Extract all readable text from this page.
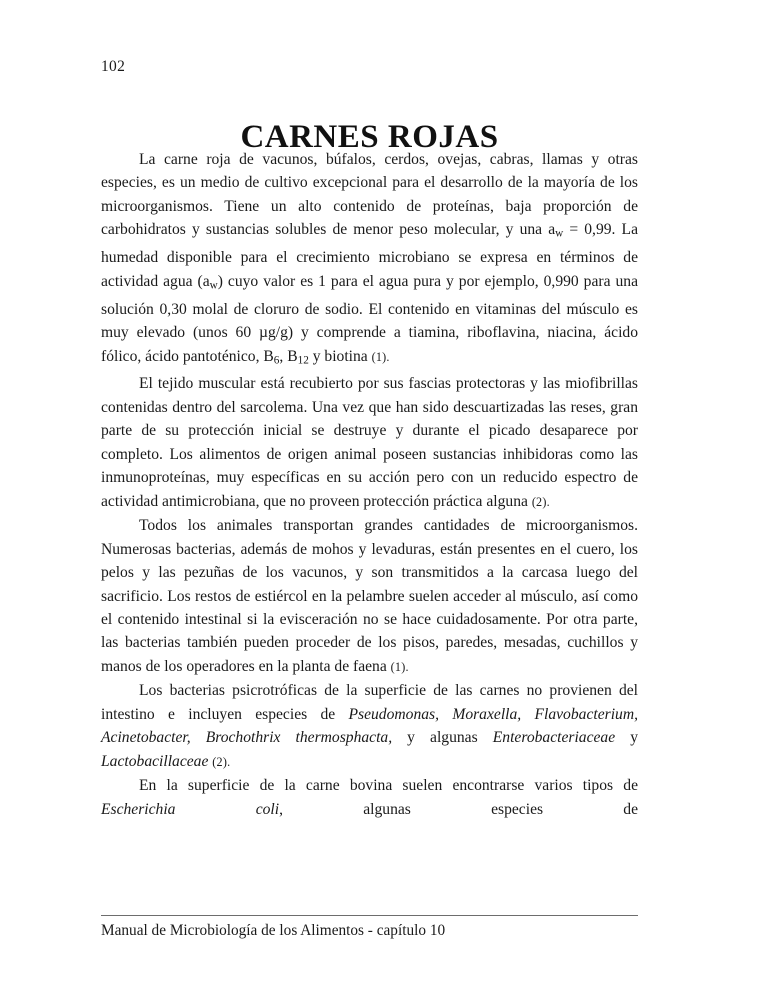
102
CARNES ROJAS

La carne roja de vacunos, búfalos, cerdos, ovejas, cabras, llamas y otras especies, es un medio de cultivo excepcional para el desarrollo de la mayoría de los microorganismos. Tiene un alto contenido de proteínas, baja proporción de carbohidratos y sustancias solubles de menor peso molecular, y una $a_w = 0,99$. La humedad disponible para el crecimiento microbiano se expresa en términos de actividad agua $(a_w)$ cuyo valor es 1 para el agua pura y por ejemplo, 0,990 para una solución 0,30 molal de cloruro de sodio. El contenido en vitaminas del músculo es muy elevado (unos 60 µg/g) y comprende a tiamina, riboflavina, niacina, ácido fólico, ácido pantoténico, $B_6$, $B_{12}$ y biotina (1).

El tejido muscular está recubierto por sus fascias protectoras y las miofibrillas contenidas dentro del sarcolema. Una vez que han sido descuartizadas las reses, gran parte de su protección inicial se destruye y durante el picado desaparece por completo. Los alimentos de origen animal poseen sustancias inhibidoras como las inmunoproteínas, muy específicas en su acción pero con un reducido espectro de actividad antimicrobiana, que no proveen protección práctica alguna (2).

Todos los animales transportan grandes cantidades de microorganismos. Numerosas bacterias, además de mohos y levaduras, están presentes en el cuero, los pelos y las pezuñas de los vacunos, y son transmitidos a la carcasa luego del sacrificio. Los restos de estiércol en la pelambre suelen acceder al músculo, así como el contenido intestinal si la evisceración no se hace cuidadosamente. Por otra parte, las bacterias también pueden proceder de los pisos, paredes, mesadas, cuchillos y manos de los operadores en la planta de faena (1).

Los bacterias psicrotróficas de la superficie de las carnes no provienen del intestino e incluyen especies de Pseudomonas, Moraxella, Flavobacterium, Acinetobacter, Brochothrix thermosphacta, y algunas Enterobacteriaceae y Lactobacillaceae (2).

En la superficie de la carne bovina suelen encontrarse varios tipos de Escherichia coli, algunas especies de

Manual de Microbiología de los Alimentos - capítulo 10
